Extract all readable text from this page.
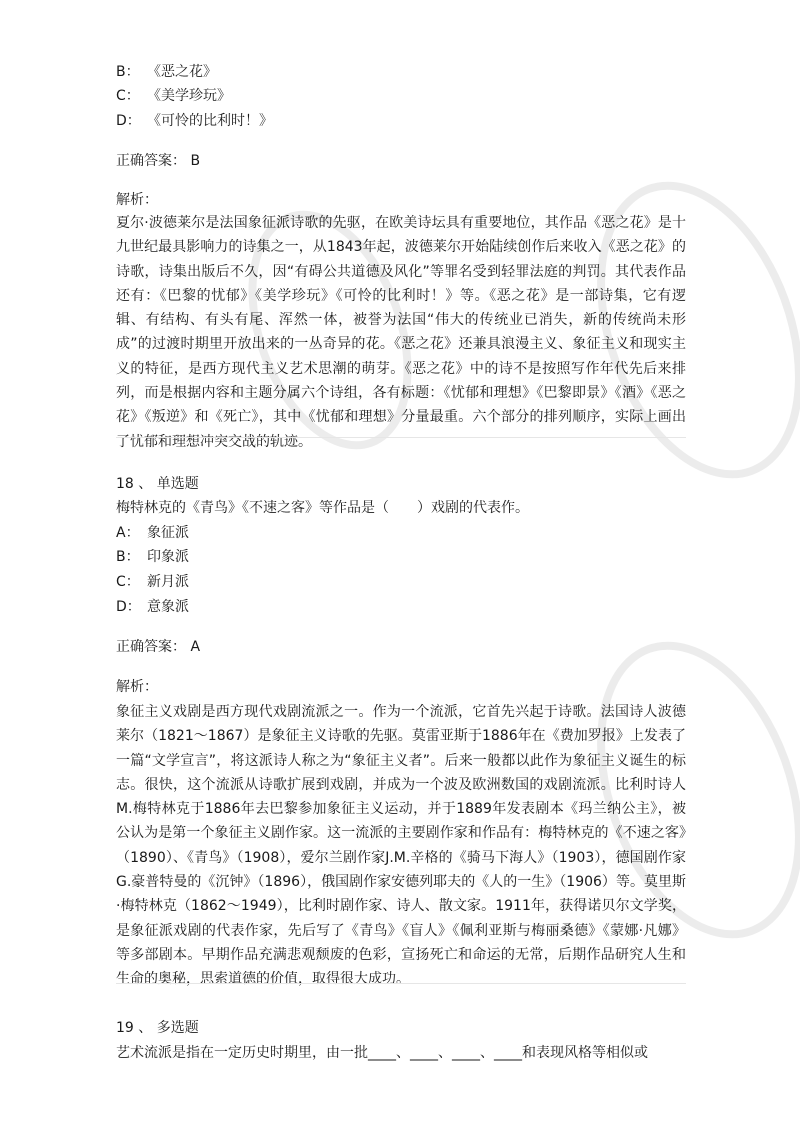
B： 《恶之花》
C： 《美学珍玩》
D： 《可怜的比利时！》
正确答案： B
解析：

夏尔·波德莱尔是法国象征派诗歌的先驱，在欧美诗坛具有重要地位，其作品《恶之花》是十九世纪最具影响力的诗集之一，从1843年起，波德莱尔开始陆续创作后来收入《恶之花》的诗歌，诗集出版后不久，因“有碍公共道德及风化”等罪名受到轻罪法庭的判罚。其代表作品还有：《巴黎的忧郁》《美学珍玩》《可怜的比利时！》等。《恶之花》是一部诗集，它有逻辑、有结构、有头有尾、浑然一体，被誉为法国“伟大的传统业已消失，新的传统尚未形成”的过渡时期里开放出来的一丛奇异的花。《恶之花》还兼具浪漫主义、象征主义和现实主义的特征，是西方现代主义艺术思潮的萌芽。《恶之花》中的诗不是按照写作年代先后来排列，而是根据内容和主题分属六个诗组，各有标题：《忧郁和理想》《巴黎即景》《酒》《恶之花》《叛逆》和《死亡》，其中《忧郁和理想》分量最重。六个部分的排列顺序，实际上画出了忧郁和理想冲突交战的轨迹。

18 、 单选题
梅特林克的《青鸟》《不速之客》等作品是（　　）戏剧的代表作。
A： 象征派
B： 印象派
C： 新月派
D： 意象派
正确答案： A
解析：

象征主义戏剧是西方现代戏剧流派之一。作为一个流派，它首先兴起于诗歌。法国诗人波德莱尔（1821～1867）是象征主义诗歌的先驱。莫雷亚斯于1886年在《费加罗报》上发表了一篇“文学宣言”，将这派诗人称之为“象征主义者”。后来一般都以此作为象征主义诞生的标志。很快，这个流派从诗歌扩展到戏剧，并成为一个波及欧洲数国的戏剧流派。比利时诗人M.梅特林克于1886年去巴黎参加象征主义运动，并于1889年发表剧本《玛兰纳公主》，被公认为是第一个象征主义剧作家。这一流派的主要剧作家和作品有：梅特林克的《不速之客》（1890）、《青鸟》（1908），爱尔兰剧作家J.M.辛格的《骑马下海人》（1903），德国剧作家G.豪普特曼的《沉钟》（1896），俄国剧作家安德列耶夫的《人的一生》（1906）等。莫里斯·梅特林克（1862～1949），比利时剧作家、诗人、散文家。1911年，获得诺贝尔文学奖，是象征派戏剧的代表作家，先后写了《青鸟》《盲人》《佩利亚斯与梅丽桑德》《蒙娜·凡娜》等多部剧本。早期作品充满悲观颓废的色彩，宣扬死亡和命运的无常，后期作品研究人生和生命的奥秘，思索道德的价值，取得很大成功。

19 、 多选题
艺术流派是指在一定历史时期里，由一批____、____、____、____和表现风格等相似或
